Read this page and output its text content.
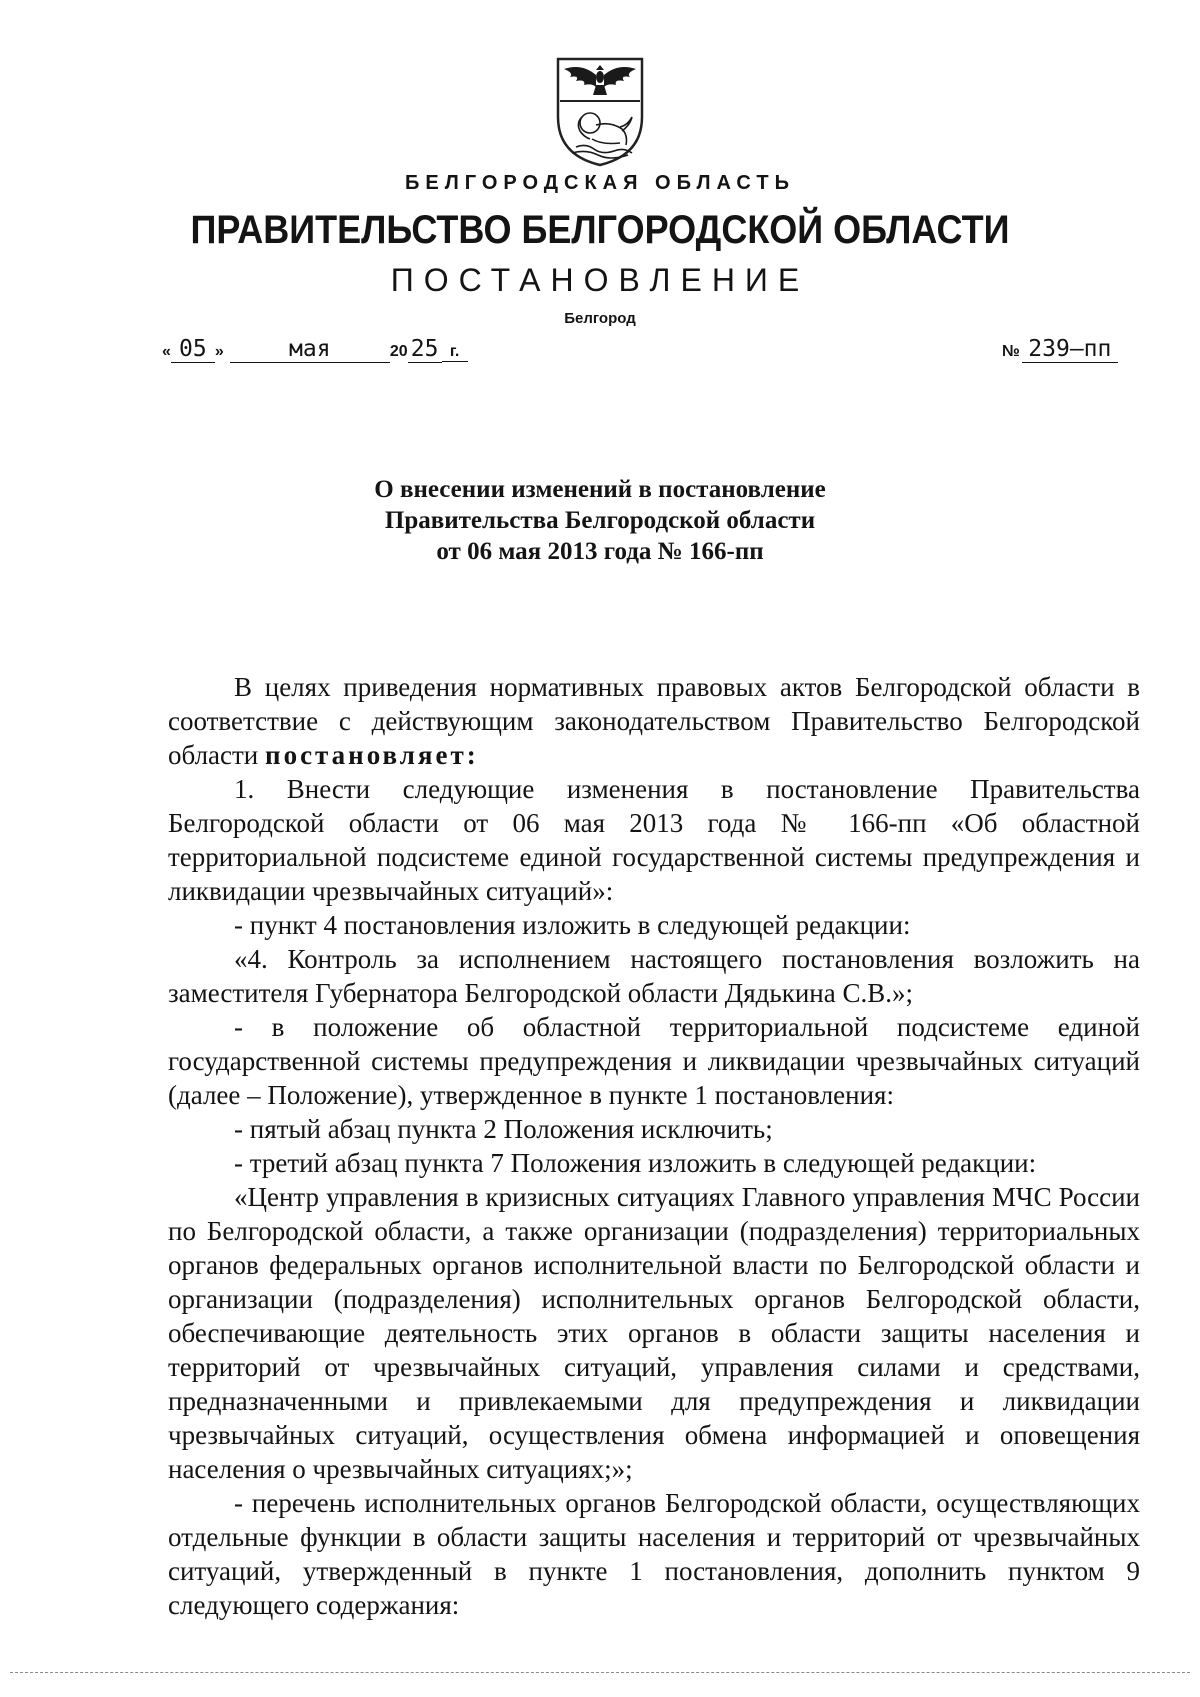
БЕЛГОРОДСКАЯ ОБЛАСТЬ
ПРАВИТЕЛЬСТВО БЕЛГОРОДСКОЙ ОБЛАСТИ
ПОСТАНОВЛЕНИЕ
Белгород
« 05 »	мая	20 25 г.	№ 239–пп
О внесении изменений в постановление
Правительства Белгородской области
от 06 мая 2013 года № 166-пп

В целях приведения нормативных правовых актов Белгородской области в соответствие с действующим законодательством Правительство Белгородской области постановляет:

1. Внести следующие изменения в постановление Правительства Белгородской области от 06 мая 2013 года № 166-пп «Об областной территориальной подсистеме единой государственной системы предупреждения и ликвидации чрезвычайных ситуаций»:

- пункт 4 постановления изложить в следующей редакции:

«4. Контроль за исполнением настоящего постановления возложить на заместителя Губернатора Белгородской области Дядькина С.В.»;

- в положение об областной территориальной подсистеме единой государственной системы предупреждения и ликвидации чрезвычайных ситуаций (далее – Положение), утвержденное в пункте 1 постановления:

- пятый абзац пункта 2 Положения исключить;

- третий абзац пункта 7 Положения изложить в следующей редакции:

«Центр управления в кризисных ситуациях Главного управления МЧС России по Белгородской области, а также организации (подразделения) территориальных органов федеральных органов исполнительной власти по Белгородской области и организации (подразделения) исполнительных органов Белгородской области, обеспечивающие деятельность этих органов в области защиты населения и территорий от чрезвычайных ситуаций, управления силами и средствами, предназначенными и привлекаемыми для предупреждения и ликвидации чрезвычайных ситуаций, осуществления обмена информацией и оповещения населения о чрезвычайных ситуациях;»;

- перечень исполнительных органов Белгородской области, осуществляющих отдельные функции в области защиты населения и территорий от чрезвычайных ситуаций, утвержденный в пункте 1 постановления, дополнить пунктом 9 следующего содержания:
